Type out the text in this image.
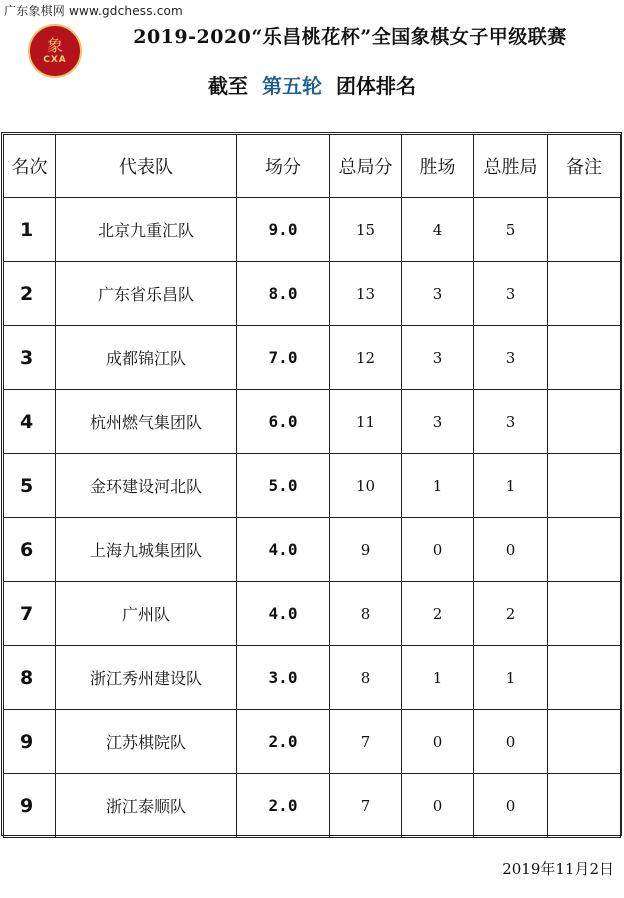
广东象棋网 www.gdchess.com
象
CXA
2019-2020“乐昌桃花杯”全国象棋女子甲级联赛
截至 第五轮 团体排名
名次	代表队	场分	总局分	胜场	总胜局	备注
1	北京九重汇队	9.0	15	4	5	
2	广东省乐昌队	8.0	13	3	3	
3	成都锦江队	7.0	12	3	3	
4	杭州燃气集团队	6.0	11	3	3	
5	金环建设河北队	5.0	10	1	1	
6	上海九城集团队	4.0	9	0	0	
7	广州队	4.0	8	2	2	
8	浙江秀州建设队	3.0	8	1	1	
9	江苏棋院队	2.0	7	0	0	
9	浙江泰顺队	2.0	7	0	0	
2019年11月2日
